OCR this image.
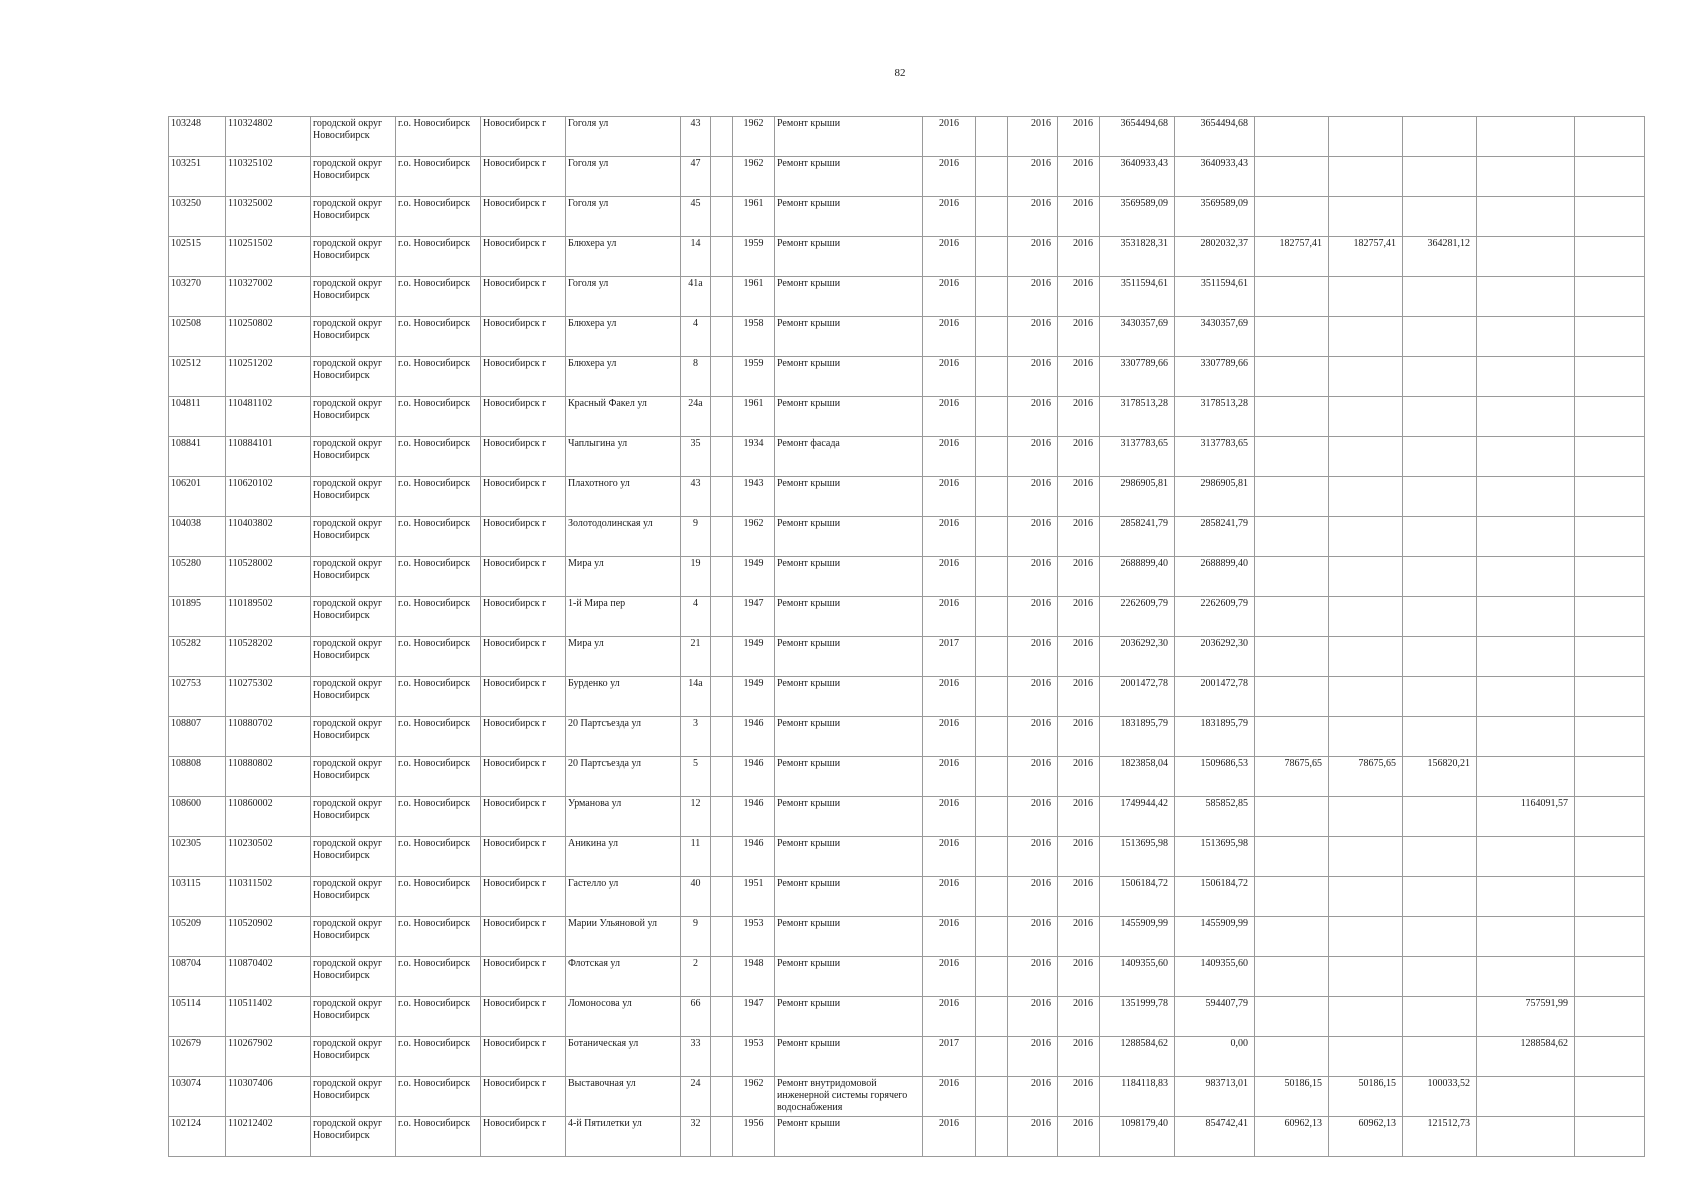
82
103248	110324802	городской округ Новосибирск	г.о. Новосибирск	Новосибирск г	Гоголя ул	43		1962	Ремонт крыши	2016		2016	2016	3654494,68	3654494,68					
103251	110325102	городской округ Новосибирск	г.о. Новосибирск	Новосибирск г	Гоголя ул	47		1962	Ремонт крыши	2016		2016	2016	3640933,43	3640933,43					
103250	110325002	городской округ Новосибирск	г.о. Новосибирск	Новосибирск г	Гоголя ул	45		1961	Ремонт крыши	2016		2016	2016	3569589,09	3569589,09					
102515	110251502	городской округ Новосибирск	г.о. Новосибирск	Новосибирск г	Блюхера ул	14		1959	Ремонт крыши	2016		2016	2016	3531828,31	2802032,37	182757,41	182757,41	364281,12		
103270	110327002	городской округ Новосибирск	г.о. Новосибирск	Новосибирск г	Гоголя ул	41а		1961	Ремонт крыши	2016		2016	2016	3511594,61	3511594,61					
102508	110250802	городской округ Новосибирск	г.о. Новосибирск	Новосибирск г	Блюхера ул	4		1958	Ремонт крыши	2016		2016	2016	3430357,69	3430357,69					
102512	110251202	городской округ Новосибирск	г.о. Новосибирск	Новосибирск г	Блюхера ул	8		1959	Ремонт крыши	2016		2016	2016	3307789,66	3307789,66					
104811	110481102	городской округ Новосибирск	г.о. Новосибирск	Новосибирск г	Красный Факел ул	24а		1961	Ремонт крыши	2016		2016	2016	3178513,28	3178513,28					
108841	110884101	городской округ Новосибирск	г.о. Новосибирск	Новосибирск г	Чаплыгина ул	35		1934	Ремонт фасада	2016		2016	2016	3137783,65	3137783,65					
106201	110620102	городской округ Новосибирск	г.о. Новосибирск	Новосибирск г	Плахотного ул	43		1943	Ремонт крыши	2016		2016	2016	2986905,81	2986905,81					
104038	110403802	городской округ Новосибирск	г.о. Новосибирск	Новосибирск г	Золотодолинская ул	9		1962	Ремонт крыши	2016		2016	2016	2858241,79	2858241,79					
105280	110528002	городской округ Новосибирск	г.о. Новосибирск	Новосибирск г	Мира ул	19		1949	Ремонт крыши	2016		2016	2016	2688899,40	2688899,40					
101895	110189502	городской округ Новосибирск	г.о. Новосибирск	Новосибирск г	1-й Мира пер	4		1947	Ремонт крыши	2016		2016	2016	2262609,79	2262609,79					
105282	110528202	городской округ Новосибирск	г.о. Новосибирск	Новосибирск г	Мира ул	21		1949	Ремонт крыши	2017		2016	2016	2036292,30	2036292,30					
102753	110275302	городской округ Новосибирск	г.о. Новосибирск	Новосибирск г	Бурденко ул	14а		1949	Ремонт крыши	2016		2016	2016	2001472,78	2001472,78					
108807	110880702	городской округ Новосибирск	г.о. Новосибирск	Новосибирск г	20 Партсъезда ул	3		1946	Ремонт крыши	2016		2016	2016	1831895,79	1831895,79					
108808	110880802	городской округ Новосибирск	г.о. Новосибирск	Новосибирск г	20 Партсъезда ул	5		1946	Ремонт крыши	2016		2016	2016	1823858,04	1509686,53	78675,65	78675,65	156820,21		
108600	110860002	городской округ Новосибирск	г.о. Новосибирск	Новосибирск г	Урманова ул	12		1946	Ремонт крыши	2016		2016	2016	1749944,42	585852,85				1164091,57	
102305	110230502	городской округ Новосибирск	г.о. Новосибирск	Новосибирск г	Аникина ул	11		1946	Ремонт крыши	2016		2016	2016	1513695,98	1513695,98					
103115	110311502	городской округ Новосибирск	г.о. Новосибирск	Новосибирск г	Гастелло ул	40		1951	Ремонт крыши	2016		2016	2016	1506184,72	1506184,72					
105209	110520902	городской округ Новосибирск	г.о. Новосибирск	Новосибирск г	Марии Ульяновой ул	9		1953	Ремонт крыши	2016		2016	2016	1455909,99	1455909,99					
108704	110870402	городской округ Новосибирск	г.о. Новосибирск	Новосибирск г	Флотская ул	2		1948	Ремонт крыши	2016		2016	2016	1409355,60	1409355,60					
105114	110511402	городской округ Новосибирск	г.о. Новосибирск	Новосибирск г	Ломоносова ул	66		1947	Ремонт крыши	2016		2016	2016	1351999,78	594407,79				757591,99	
102679	110267902	городской округ Новосибирск	г.о. Новосибирск	Новосибирск г	Ботаническая ул	33		1953	Ремонт крыши	2017		2016	2016	1288584,62	0,00				1288584,62	
103074	110307406	городской округ Новосибирск	г.о. Новосибирск	Новосибирск г	Выставочная ул	24		1962	Ремонт внутридомовой инженерной системы горячего водоснабжения	2016		2016	2016	1184118,83	983713,01	50186,15	50186,15	100033,52		
102124	110212402	городской округ Новосибирск	г.о. Новосибирск	Новосибирск г	4-й Пятилетки ул	32		1956	Ремонт крыши	2016		2016	2016	1098179,40	854742,41	60962,13	60962,13	121512,73		
